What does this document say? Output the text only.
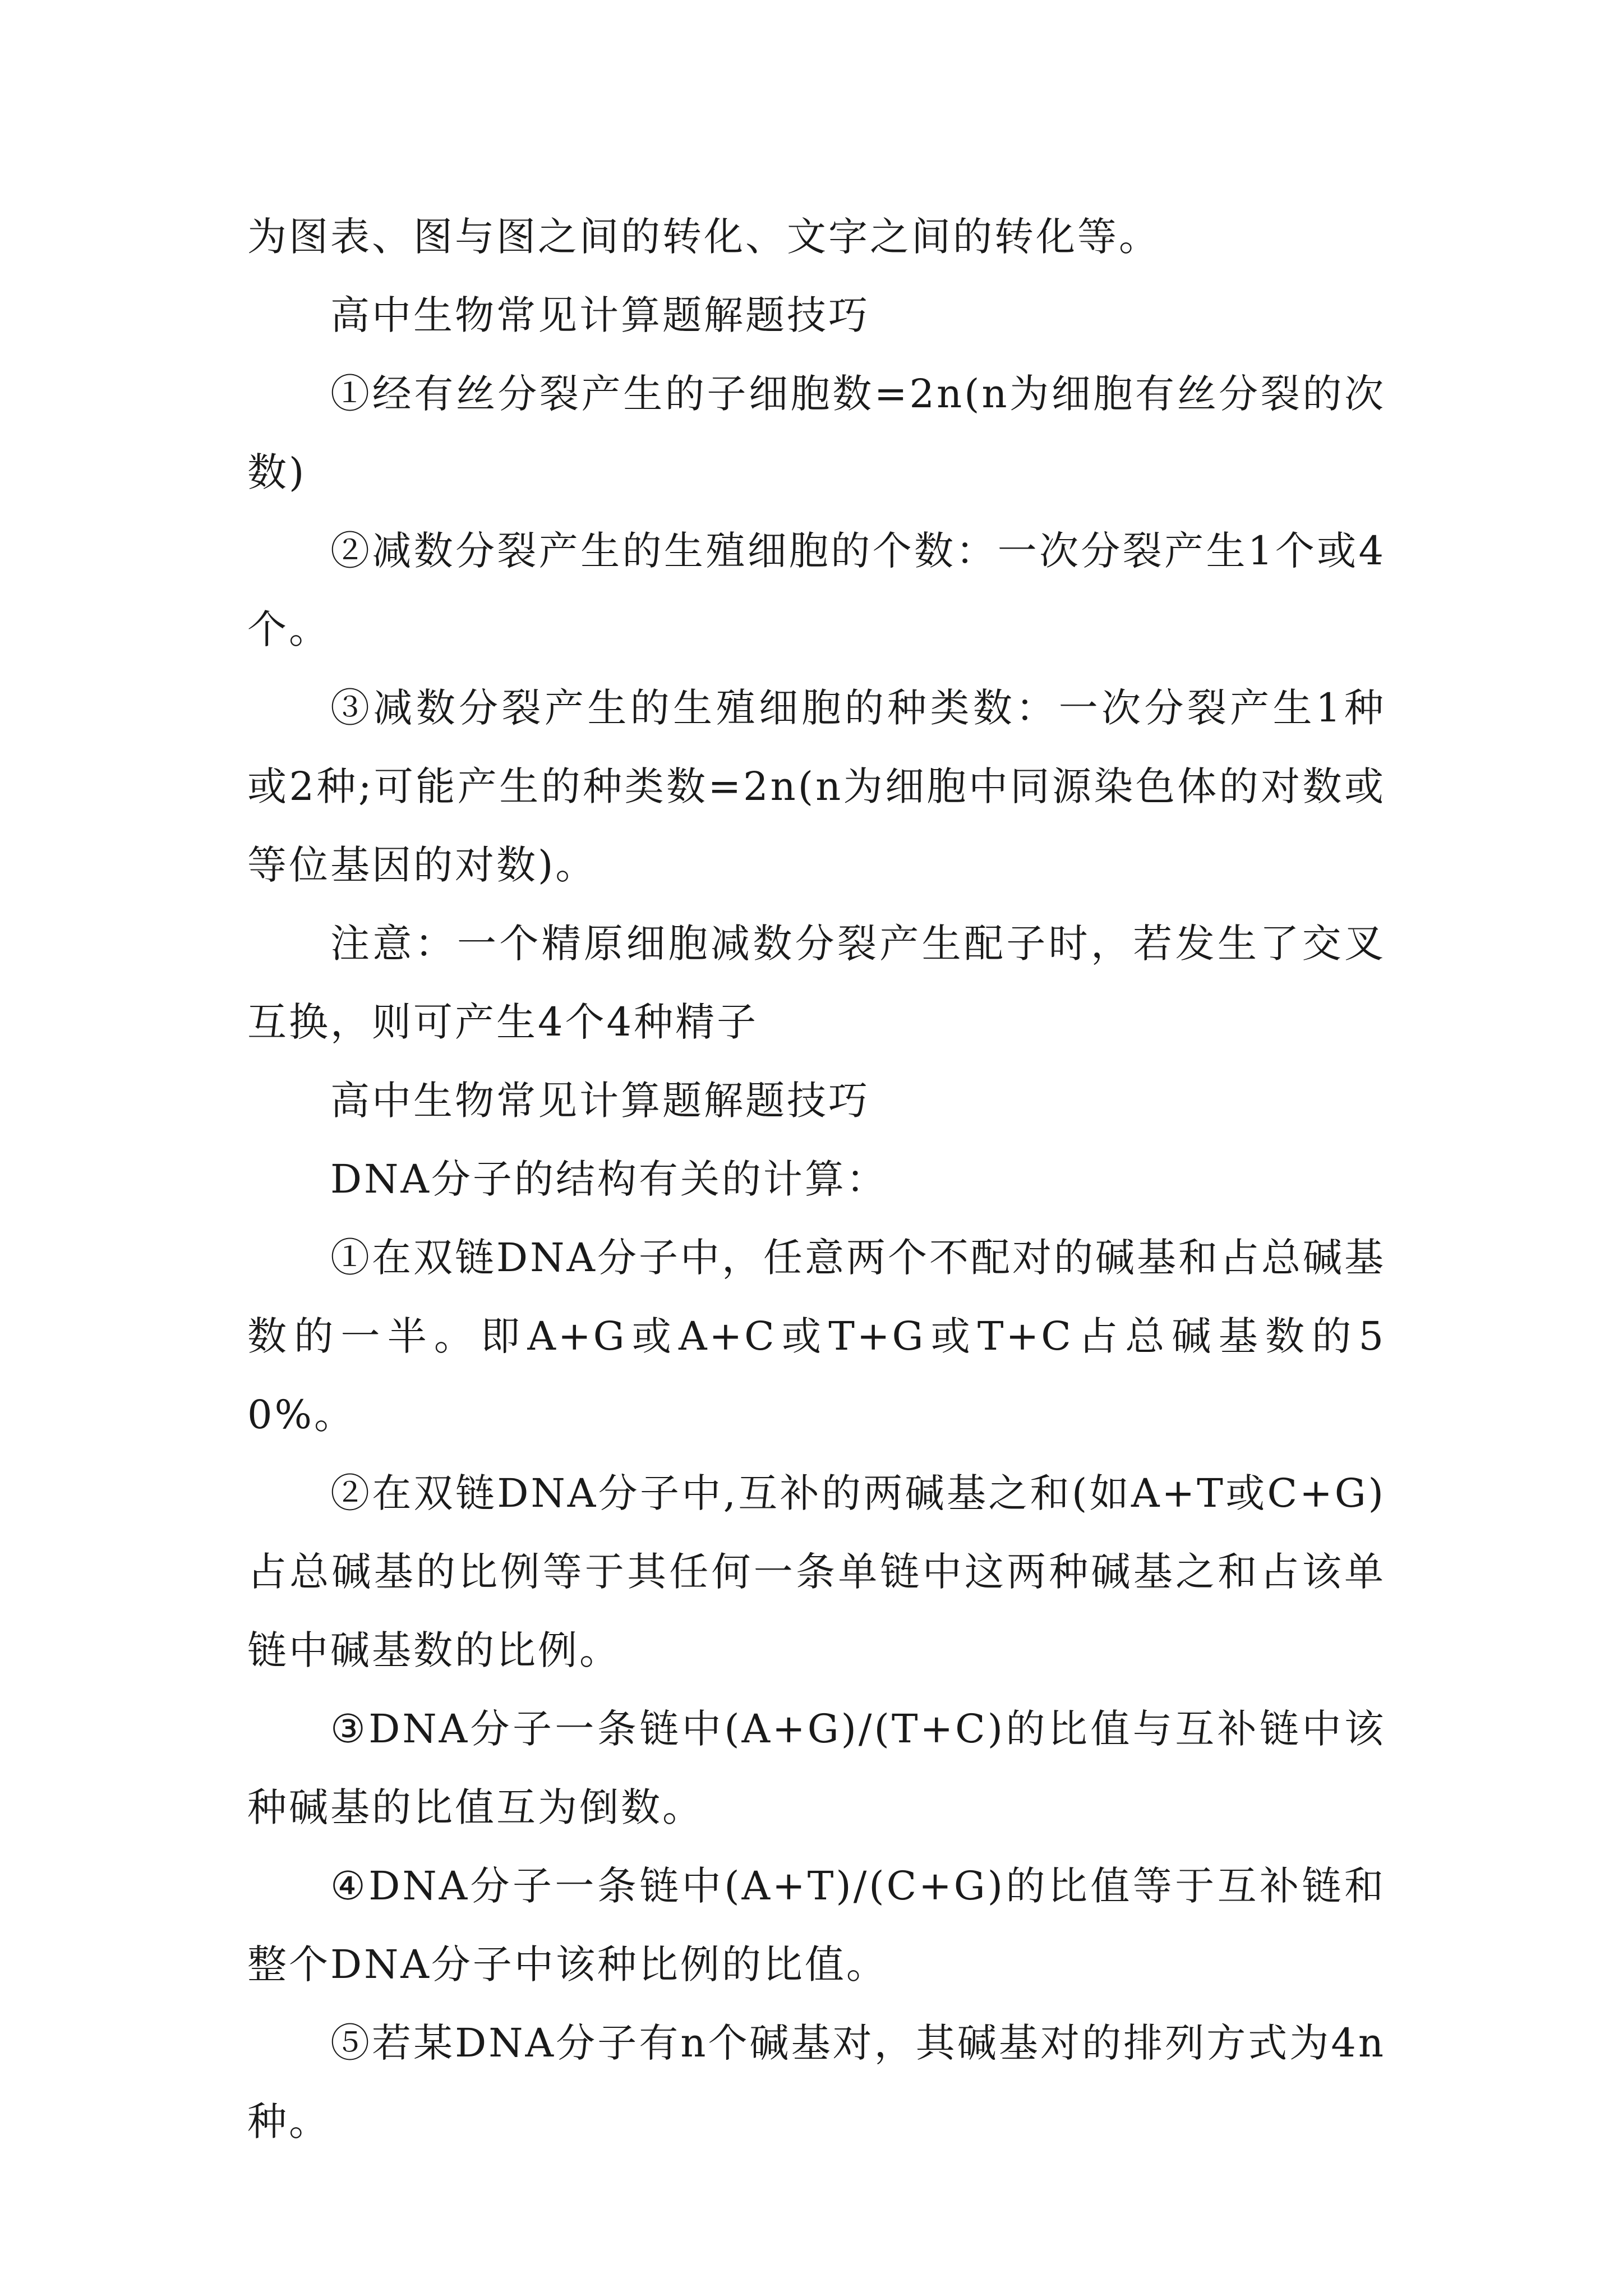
为图表、图与图之间的转化、文字之间的转化等。

高中生物常见计算题解题技巧

①经有丝分裂产生的子细胞数=2n(n为细胞有丝分裂的次数)

②减数分裂产生的生殖细胞的个数：一次分裂产生1个或4个。

③减数分裂产生的生殖细胞的种类数：一次分裂产生1种或2种;可能产生的种类数=2n(n为细胞中同源染色体的对数或等位基因的对数)。

注意：一个精原细胞减数分裂产生配子时，若发生了交叉互换，则可产生4个4种精子

高中生物常见计算题解题技巧

DNA分子的结构有关的计算：

①在双链DNA分子中，任意两个不配对的碱基和占总碱基数的一半。即A+G或A+C或T+G或T+C占总碱基数的50%。

②在双链DNA分子中,互补的两碱基之和(如A+T或C+G)占总碱基的比例等于其任何一条单链中这两种碱基之和占该单链中碱基数的比例。

③DNA分子一条链中(A+G)/(T+C)的比值与互补链中该种碱基的比值互为倒数。

④DNA分子一条链中(A+T)/(C+G)的比值等于互补链和整个DNA分子中该种比例的比值。

⑤若某DNA分子有n个碱基对，其碱基对的排列方式为4n种。
